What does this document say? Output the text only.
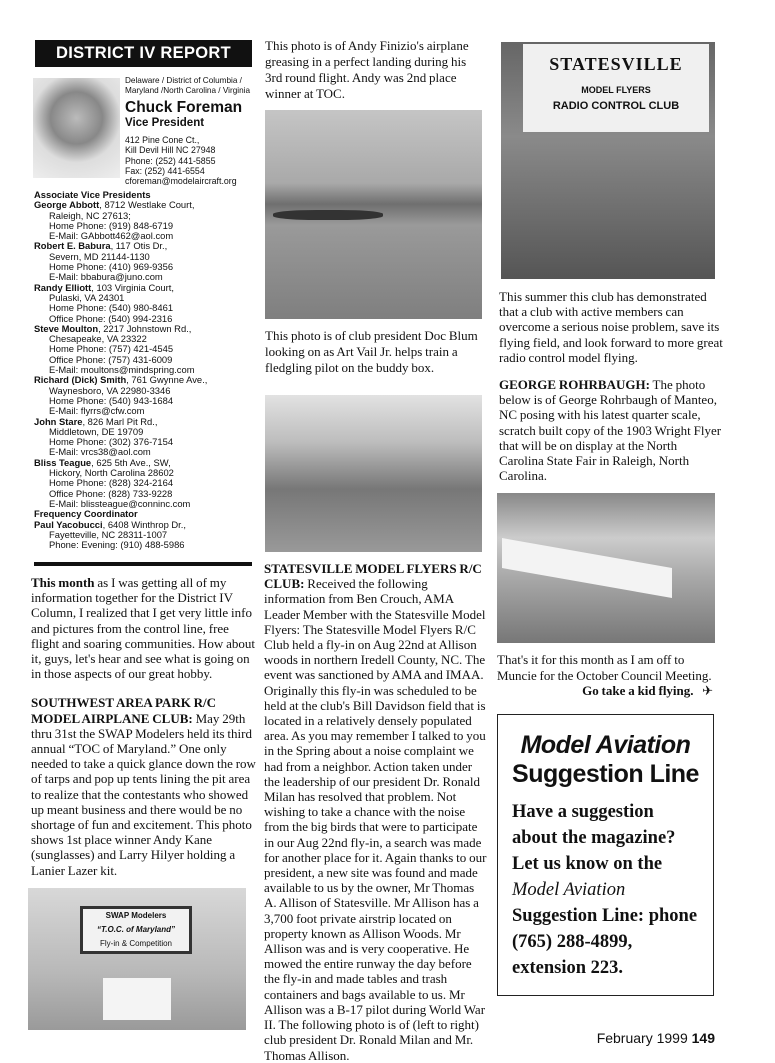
DISTRICT IV REPORT
Delaware / District of Columbia / Maryland /North Carolina / Virginia
Chuck Foreman
Vice President
412 Pine Cone Ct.,
Kill Devil Hill NC 27948
Phone: (252) 441-5855
Fax: (252) 441-6554
cforeman@modelaircraft.org
Associate Vice Presidents
George Abbott, 8712 Westlake Court,
Raleigh, NC 27613;
Home Phone: (919) 848-6719
E-Mail: GAbbott462@aol.com
Robert E. Babura, 117 Otis Dr.,
Severn, MD 21144-1130
Home Phone: (410) 969-9356
E-Mail: bbabura@juno.com
Randy Elliott, 103 Virginia Court,
Pulaski, VA 24301
Home Phone: (540) 980-8461
Office Phone: (540) 994-2316
Steve Moulton, 2217 Johnstown Rd.,
Chesapeake, VA 23322
Home Phone: (757) 421-4545
Office Phone: (757) 431-6009
E-Mail: moultons@mindspring.com
Richard (Dick) Smith, 761 Gwynne Ave.,
Waynesboro, VA 22980-3346
Home Phone: (540) 943-1684
E-Mail: flyrrs@cfw.com
John Stare, 826 Marl Pit Rd.,
Middletown, DE 19709
Home Phone: (302) 376-7154
E-Mail: vrcs38@aol.com
Bliss Teague, 625 5th Ave., SW,
Hickory, North Carolina 28602
Home Phone: (828) 324-2164
Office Phone: (828) 733-9228
E-Mail: blissteague@conninc.com
Frequency Coordinator
Paul Yacobucci, 6408 Winthrop Dr.,
Fayetteville, NC 28311-1007
Phone: Evening: (910) 488-5986
This month as I was getting all of my information together for the District IV Column, I realized that I get very little info and pictures from the control line, free flight and soaring communities. How about it, guys, let's hear and see what is going on in those aspects of our great hobby.
SOUTHWEST AREA PARK R/C MODEL AIRPLANE CLUB: May 29th thru 31st the SWAP Modelers held its third annual “TOC of Maryland.” One only needed to take a quick glance down the row of tarps and pop up tents lining the pit area to realize that the contestants who showed up meant business and there would be no shortage of fun and excitement. This photo shows 1st place winner Andy Kane (sunglasses) and Larry Hilyer holding a Lanier Lazer kit.
SWAP Modelers
“T.O.C. of Maryland”
Fly-in & Competition
This photo is of Andy Finizio's airplane greasing in a perfect landing during his 3rd round flight. Andy was 2nd place winner at TOC.
This photo is of club president Doc Blum looking on as Art Vail Jr. helps train a fledgling pilot on the buddy box.
STATESVILLE MODEL FLYERS R/C CLUB: Received the following information from Ben Crouch, AMA Leader Member with the Statesville Model Flyers: The Statesville Model Flyers R/C Club held a fly-in on Aug 22nd at Allison woods in northern Iredell County, NC. The event was sanctioned by AMA and IMAA. Originally this fly-in was scheduled to be held at the club's Bill Davidson field that is located in a relatively densely populated area. As you may remember I talked to you in the Spring about a noise complaint we had from a neighbor. Action taken under the leadership of our president Dr. Ronald Milan has resolved that problem. Not wishing to take a chance with the noise from the big birds that were to participate in our Aug 22nd fly-in, a search was made for another place for it. Again thanks to our president, a new site was found and made available to us by the owner, Mr Thomas A. Allison of Statesville. Mr Allison has a 3,700 foot private airstrip located on property known as Allison Woods. Mr Allison was and is very cooperative. He mowed the entire runway the day before the fly-in and made tables and trash containers and bags available to us. Mr Allison was a B-17 pilot during World War II. The following photo is of (left to right) club president Dr. Ronald Milan and Mr. Thomas Allison.
STATESVILLE
MODEL FLYERS
RADIO CONTROL CLUB
This summer this club has demonstrated that a club with active members can overcome a serious noise problem, save its flying field, and look forward to more great radio control model flying.
GEORGE ROHRBAUGH: The photo below is of George Rohrbaugh of Manteo, NC posing with his latest quarter scale, scratch built copy of the 1903 Wright Flyer that will be on display at the North Carolina State Fair in Raleigh, North Carolina.
That's it for this month as I am off to Muncie for the October Council Meeting.
Go take a kid flying. ✈
Model Aviation
Suggestion Line
Have a suggestion
about the magazine?
Let us know on the
Model Aviation
Suggestion Line: phone
(765) 288-4899,
extension 223.
February 1999 149
